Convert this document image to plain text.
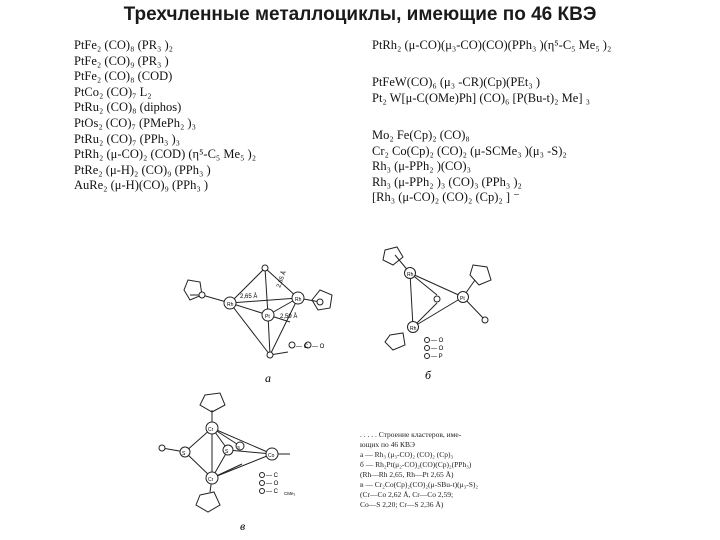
Трехчленные металлоциклы, имеющие по 46 КВЭ
PtFe₂ (CO)₈ (PR₃ )₂
PtFe₂ (CO)₉ (PR₃ )
PtFe₂ (CO)₈ (COD)
PtCo₂ (CO)₇ L₂
PtRu₂ (CO)₈ (diphos)
PtOs₂ (CO)₇ (PMePh₂ )₃
PtRu₂ (CO)₇ (PPh₃ )₃
PtRh₂ (μ-CO)₂ (COD) (η⁵-C₅ Me₅ )₂
PtRe₂ (μ-H)₂ (CO)₉ (PPh₃ )
AuRe₂ (μ-H)(CO)₉ (PPh₃ )
PtRh₂ (μ-CO)(μ₃-CO)(CO)(PPh₃ )(η⁵-C₅ Me₅ )₂
PtFeW(CO)₆ (μ₃ -CR)(Cp)(PEt₃ )
Pt₂ W[μ-C(OMe)Ph] (CO)₆ [P(Bu-t)₂ Me] ₃
Mo₂ Fe(Cp)₂ (CO)₈
Cr₂ Co(Cp)₂ (CO)₂ (μ-SCMe₃ )(μ₃ -S)₂
Rh₃ (μ-PPh₂ )(CO)₃
Rh₃ (μ-PPh₂ )₃ (CO)₃ (PPh₃ )₂
[Rh₃ (μ-CO)₂ (CO)₂ (Cp)₂ ] ⁻
Rh
Rh
Pt
2,65 Å
2,65 Å
2,59 Å
— C — O
а
Rh
Rh
Pt
— O
— O
— P
б
Cr
Cr
Co
S	S
S
— C
— O
— C CMe₃
в
. . . . . Строение кластеров, име-
ющих по 46 КВЭ
а — Rh₃ (μ₃-CO)₂ (CO)₂ (Cp)₃
б — Rh₂Pt(μ₂-CO)₂(CO)(Cp)₂(PPh₃)
(Rh—Rh 2,65, Rh—Pt 2,65 Å)
в — Cr₂Co(Cp)₂(CO)₂(μ-SBu-t)(μ₃-S)₂
(Cr—Co 2,62 Å, Cr—Co 2,59;
Co—S 2,20; Cr—S 2,36 Å)
